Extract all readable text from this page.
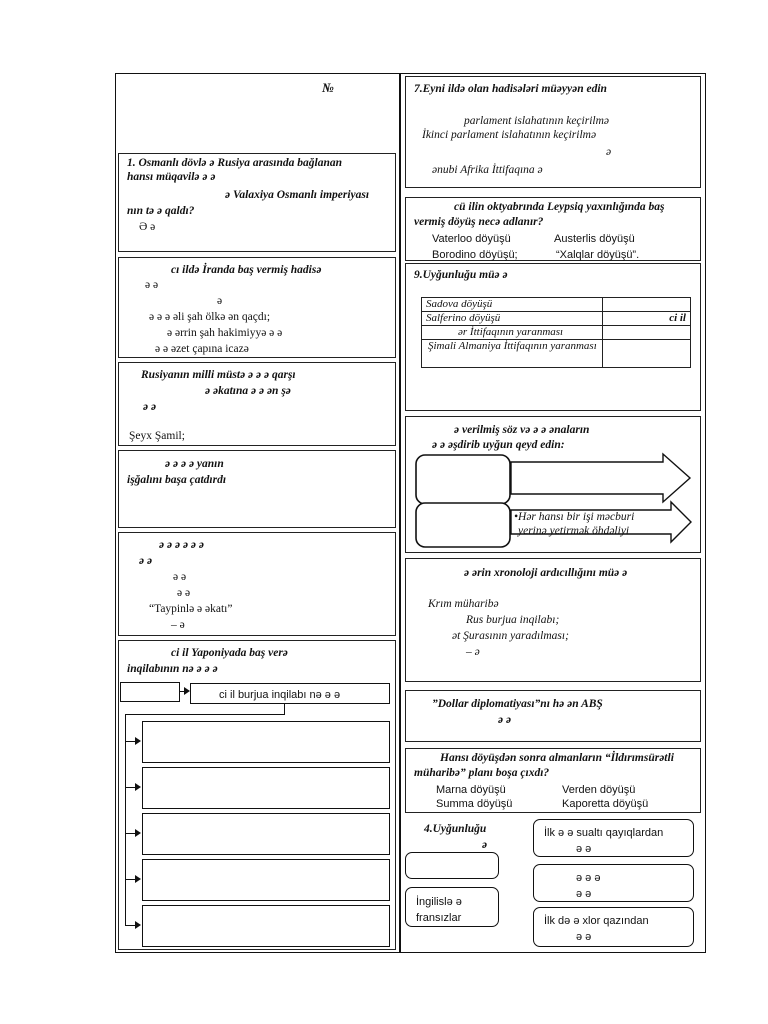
№
1. Osmanlı dövlə ə Rusiya arasında bağlanan
hansı müqavilə ə ə
ə Valaxiya Osmanlı imperiyası
nın tə ə qaldı?
Ə ə
cı ildə İranda baş vermiş hadisə
ə ə
ə
ə ə ə əli şah ölkə ən qaçdı;
ə ərrin şah hakimiyyə ə ə
ə ə əzet çapına icazə
Rusiyanın milli müstə ə ə ə qarşı
ə əkatına ə ə ən şə
ə ə
Şeyx Şamil;
ə ə ə ə yanın
işğalını başa çatdırdı
ə ə ə ə ə ə
ə ə
ə ə
ə ə
“Taypinlə ə əkatı”
– ə
ci il Yaponiyada baş verə
inqilabının nə ə ə ə
ci il burjua inqilabı nə ə ə
7.Eyni ildə olan hadisələri müəyyən edin
parlament islahatının keçirilmə
İkinci parlament islahatının keçirilmə
ə
ənubi Afrika İttifaqına ə
cü ilin oktyabrında Leypsiq yaxınlığında baş
vermiş döyüş necə adlanır?
Vaterloo döyüşü	Austerlis döyüşü
Borodino döyüşü;	“Xalqlar döyüşü”.
9.Uyğunluğu müə ə
Sadova döyüşü	
Salferino döyüşü	ci il
ər İttifaqının yaranması	
Şimali Almaniya İttifaqının yaranması	
ə verilmiş söz və ə ə ənaların
ə ə əşdirib uyğun qeyd edin:
•Hər hansı bir işi məcburi
yerinə yetirmək öhdəliyi
ə ərin xronoloji ardıcıllığını müə ə
Krım müharibə
Rus burjua inqilabı;
ət Şurasının yaradılması;
– ə
”Dollar diplomatiyası”nı hə ən ABŞ
ə ə
Hansı döyüşdən sonra almanların “İldırımsürətli
müharibə” planı boşa çıxdı?
Marna döyüşü	Verden döyüşü
Summa döyüşü	Kaporetta döyüşü
4.Uyğunluğu
ə
İngilislə ə
fransızlar
İlk ə ə sualtı qayıqlardan
ə ə
ə ə ə
ə ə
İlk də ə xlor qazından
ə ə
